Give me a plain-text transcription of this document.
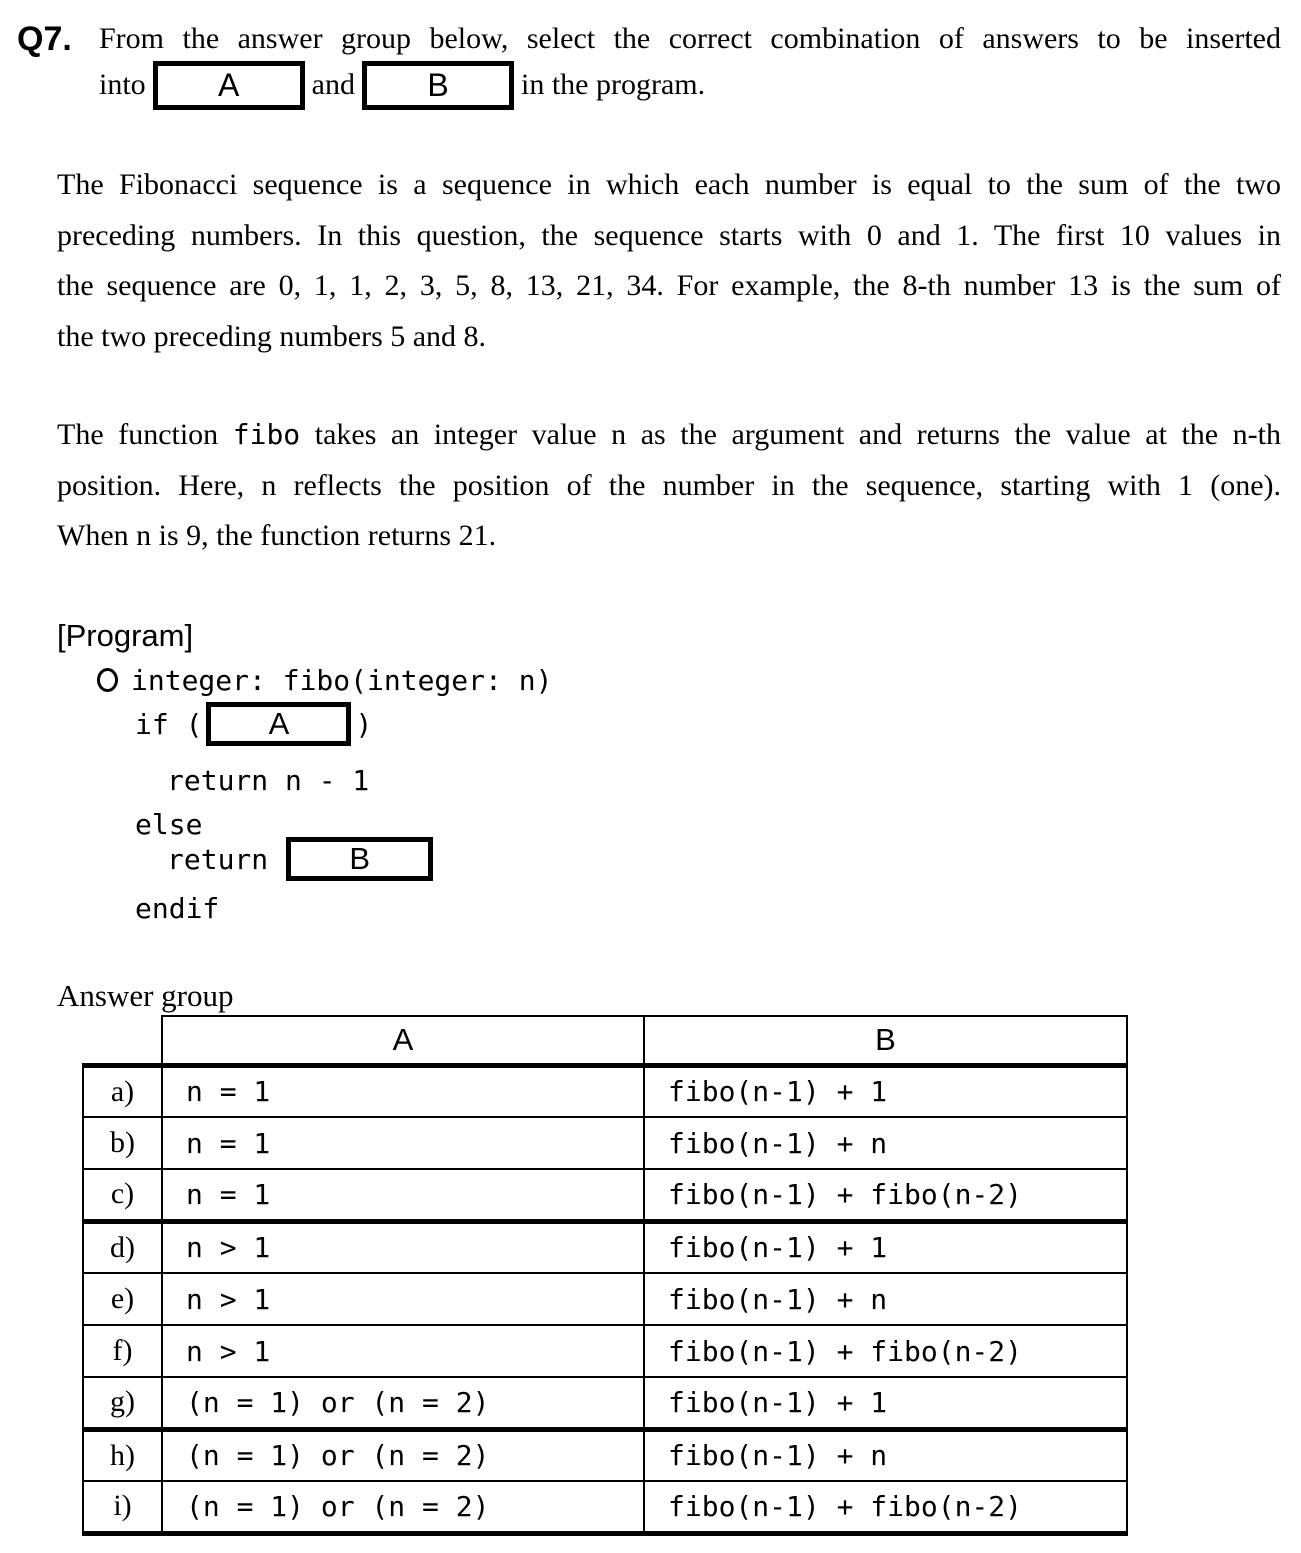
Q7. From the answer group below, select the correct combination of answers to be inserted
into	A	and	B	in the program.
The Fibonacci sequence is a sequence in which each number is equal to the sum of the two
preceding numbers. In this question, the sequence starts with 0 and 1. The first 10 values in
the sequence are 0, 1, 1, 2, 3, 5, 8, 13, 21, 34. For example, the 8-th number 13 is the sum of
the two preceding numbers 5 and 8.
The function fibo takes an integer value n as the argument and returns the value at the n-th
position. Here, n reflects the position of the number in the sequence, starting with 1 (one).
When n is 9, the function returns 21.
[Program]
integer: fibo(integer: n)
if (	A	)
return n - 1
else
return	B
endif
Answer group
	A	B
a)	n = 1	fibo(n-1) + 1
b)	n = 1	fibo(n-1) + n
c)	n = 1	fibo(n-1) + fibo(n-2)
d)	n > 1	fibo(n-1) + 1
e)	n > 1	fibo(n-1) + n
f)	n > 1	fibo(n-1) + fibo(n-2)
g)	(n = 1) or (n = 2)	fibo(n-1) + 1
h)	(n = 1) or (n = 2)	fibo(n-1) + n
i)	(n = 1) or (n = 2)	fibo(n-1) + fibo(n-2)
